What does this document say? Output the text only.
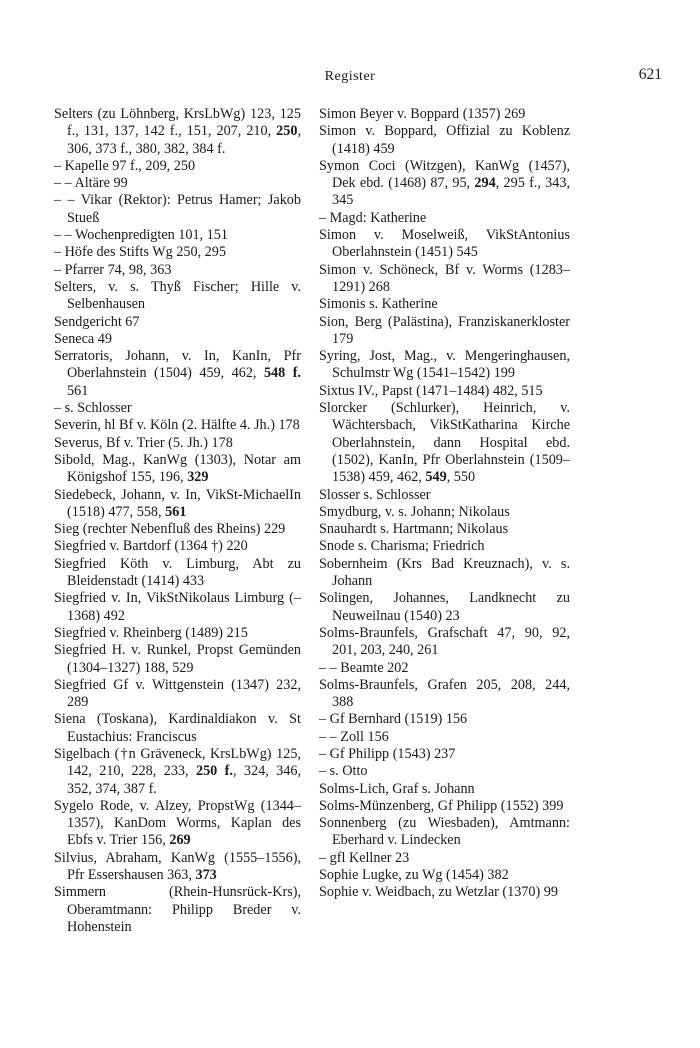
Register	621
Selters (zu Löhnberg, KrsLbWg) 123, 125 f., 131, 137, 142 f., 151, 207, 210, 250, 306, 373 f., 380, 382, 384 f.
– Kapelle 97 f., 209, 250
– – Altäre 99
– – Vikar (Rektor): Petrus Hamer; Jakob Stueß
– – Wochenpredigten 101, 151
– Höfe des Stifts Wg 250, 295
– Pfarrer 74, 98, 363
Selters, v. s. Thyß Fischer; Hille v. Selbenhausen
Sendgericht 67
Seneca 49
Serratoris, Johann, v. In, KanIn, Pfr Oberlahnstein (1504) 459, 462, 548 f. 561
– s. Schlosser
Severin, hl Bf v. Köln (2. Hälfte 4. Jh.) 178
Severus, Bf v. Trier (5. Jh.) 178
Sibold, Mag., KanWg (1303), Notar am Königshof 155, 196, 329
Siedebeck, Johann, v. In, VikSt-MichaelIn (1518) 477, 558, 561
Sieg (rechter Nebenfluß des Rheins) 229
Siegfried v. Bartdorf (1364 †) 220
Siegfried Köth v. Limburg, Abt zu Bleidenstadt (1414) 433
Siegfried v. In, VikStNikolaus Limburg (–1368) 492
Siegfried v. Rheinberg (1489) 215
Siegfried H. v. Runkel, Propst Gemünden (1304–1327) 188, 529
Siegfried Gf v. Wittgenstein (1347) 232, 289
Siena (Toskana), Kardinaldiakon v. St Eustachius: Franciscus
Sigelbach (†n Gräveneck, KrsLbWg) 125, 142, 210, 228, 233, 250 f., 324, 346, 352, 374, 387 f.
Sygelo Rode, v. Alzey, PropstWg (1344–1357), KanDom Worms, Kaplan des Ebfs v. Trier 156, 269
Silvius, Abraham, KanWg (1555–1556), Pfr Essershausen 363, 373
Simmern (Rhein-Hunsrück-Krs), Oberamtmann: Philipp Breder v. Hohenstein
Simon Beyer v. Boppard (1357) 269
Simon v. Boppard, Offizial zu Koblenz (1418) 459
Symon Coci (Witzgen), KanWg (1457), Dek ebd. (1468) 87, 95, 294, 295 f., 343, 345
– Magd: Katherine
Simon v. Moselweiß, VikStAntonius Oberlahnstein (1451) 545
Simon v. Schöneck, Bf v. Worms (1283–1291) 268
Simonis s. Katherine
Sion, Berg (Palästina), Franziskanerkloster 179
Syring, Jost, Mag., v. Mengeringhausen, Schulmstr Wg (1541–1542) 199
Sixtus IV., Papst (1471–1484) 482, 515
Slorcker (Schlurker), Heinrich, v. Wächtersbach, VikStKatharina Kirche Oberlahnstein, dann Hospital ebd. (1502), KanIn, Pfr Oberlahnstein (1509–1538) 459, 462, 549, 550
Slosser s. Schlosser
Smydburg, v. s. Johann; Nikolaus
Snauhardt s. Hartmann; Nikolaus
Snode s. Charisma; Friedrich
Sobernheim (Krs Bad Kreuznach), v. s. Johann
Solingen, Johannes, Landknecht zu Neuweilnau (1540) 23
Solms-Braunfels, Grafschaft 47, 90, 92, 201, 203, 240, 261
– – Beamte 202
Solms-Braunfels, Grafen 205, 208, 244, 388
– Gf Bernhard (1519) 156
– – Zoll 156
– Gf Philipp (1543) 237
– s. Otto
Solms-Lich, Graf s. Johann
Solms-Münzenberg, Gf Philipp (1552) 399
Sonnenberg (zu Wiesbaden), Amtmann: Eberhard v. Lindecken
– gfl Kellner 23
Sophie Lugke, zu Wg (1454) 382
Sophie v. Weidbach, zu Wetzlar (1370) 99
